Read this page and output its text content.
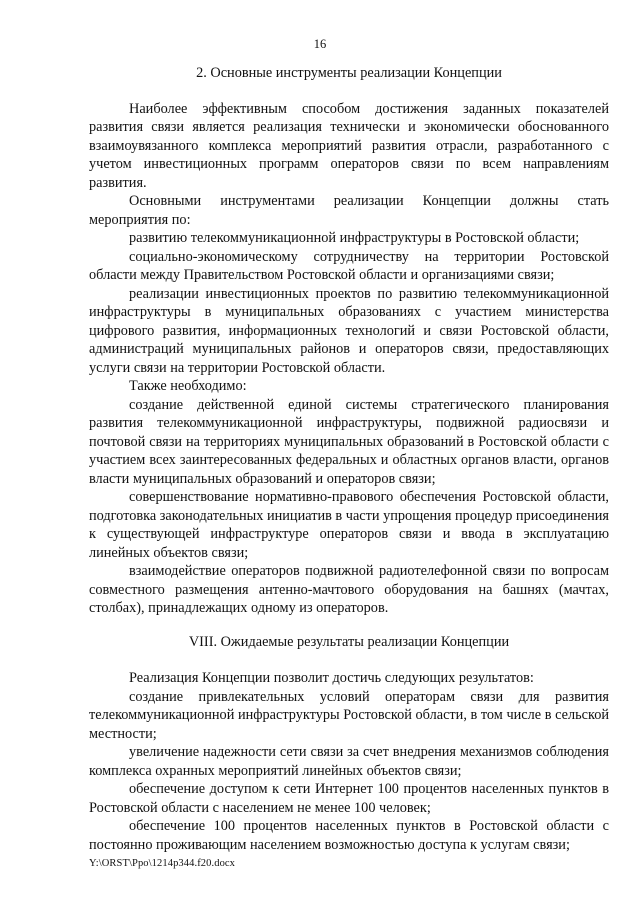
16

2. Основные инструменты реализации Концепции

Наиболее эффективным способом достижения заданных показателей развития связи является реализация технически и экономически обоснованного взаимоувязанного комплекса мероприятий развития отрасли, разработанного с учетом инвестиционных программ операторов связи по всем направлениям развития.

Основными инструментами реализации Концепции должны стать мероприятия по:

развитию телекоммуникационной инфраструктуры в Ростовской области;

социально-экономическому сотрудничеству на территории Ростовской области между Правительством Ростовской области и организациями связи;

реализации инвестиционных проектов по развитию телекоммуникационной инфраструктуры в муниципальных образованиях с участием министерства цифрового развития, информационных технологий и связи Ростовской области, администраций муниципальных районов и операторов связи, предоставляющих услуги связи на территории Ростовской области.

Также необходимо:

создание действенной единой системы стратегического планирования развития телекоммуникационной инфраструктуры, подвижной радиосвязи и почтовой связи на территориях муниципальных образований в Ростовской области с участием всех заинтересованных федеральных и областных органов власти, органов власти муниципальных образований и операторов связи;

совершенствование нормативно-правового обеспечения Ростовской области, подготовка законодательных инициатив в части упрощения процедур присоединения к существующей инфраструктуре операторов связи и ввода в эксплуатацию линейных объектов связи;

взаимодействие операторов подвижной радиотелефонной связи по вопросам совместного размещения антенно-мачтового оборудования на башнях (мачтах, столбах), принадлежащих одному из операторов.

VIII. Ожидаемые результаты реализации Концепции

Реализация Концепции позволит достичь следующих результатов:

создание привлекательных условий операторам связи для развития телекоммуникационной инфраструктуры Ростовской области, в том числе в сельской местности;

увеличение надежности сети связи за счет внедрения механизмов соблюдения комплекса охранных мероприятий линейных объектов связи;

обеспечение доступом к сети Интернет 100 процентов населенных пунктов в Ростовской области с населением не менее 100 человек;

обеспечение 100 процентов населенных пунктов в Ростовской области с постоянно проживающим населением возможностью доступа к услугам связи;

Y:\ORST\Ppo\1214p344.f20.docx
